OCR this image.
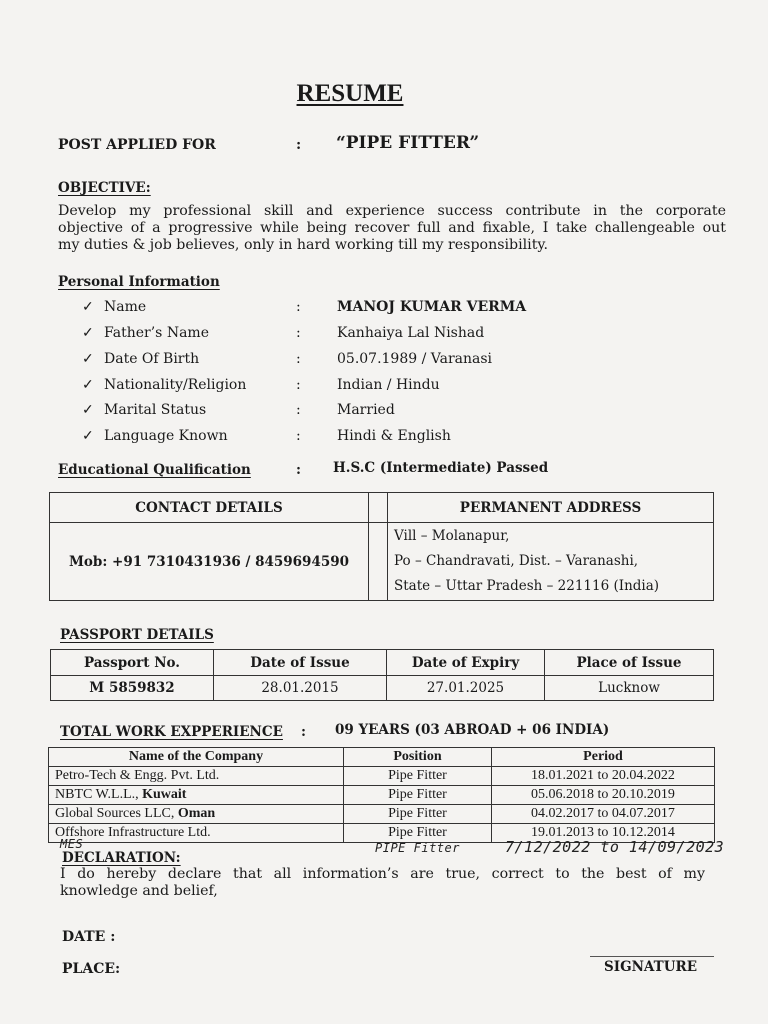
RESUME
POST APPLIED FOR	: “PIPE FITTER”
OBJECTIVE:
Develop my professional skill and experience success contribute in the corporate
objective of a progressive while being recover full and fixable, I take challengeable out
my duties & job believes, only in hard working till my responsibility.
Personal Information
✓ Name	:	MANOJ KUMAR VERMA
✓ Father’s Name	:	Kanhaiya Lal Nishad
✓ Date Of Birth	:	05.07.1989 / Varanasi
✓ Nationality/Religion	:	Indian / Hindu
✓ Marital Status	:	Married
✓ Language Known	:	Hindi & English
Educational Qualification	: H.S.C (Intermediate) Passed
CONTACT DETAILS		PERMANENT ADDRESS
Mob: +91 7310431936 / 8459694590		Vill – Molanapur,
Po – Chandravati, Dist. – Varanashi,
State – Uttar Pradesh – 221116 (India)
PASSPORT DETAILS
Passport No.	Date of Issue	Date of Expiry	Place of Issue
M 5859832	28.01.2015	27.01.2025	Lucknow
TOTAL WORK EXPPERIENCE : 09 YEARS (03 ABROAD + 06 INDIA)
Name of the Company	Position	Period
Petro-Tech & Engg. Pvt. Ltd.	Pipe Fitter	18.01.2021 to 20.04.2022
NBTC W.L.L., Kuwait	Pipe Fitter	05.06.2018 to 20.10.2019
Global Sources LLC, Oman	Pipe Fitter	04.02.2017 to 04.07.2017
Offshore Infrastructure Ltd.	Pipe Fitter	19.01.2013 to 10.12.2014
MES	PIPE Fitter	7/12/2022 to 14/09/2023
DECLARATION:
I do hereby declare that all information’s are true, correct to the best of my
knowledge and belief,
DATE :
PLACE:	SIGNATURE
